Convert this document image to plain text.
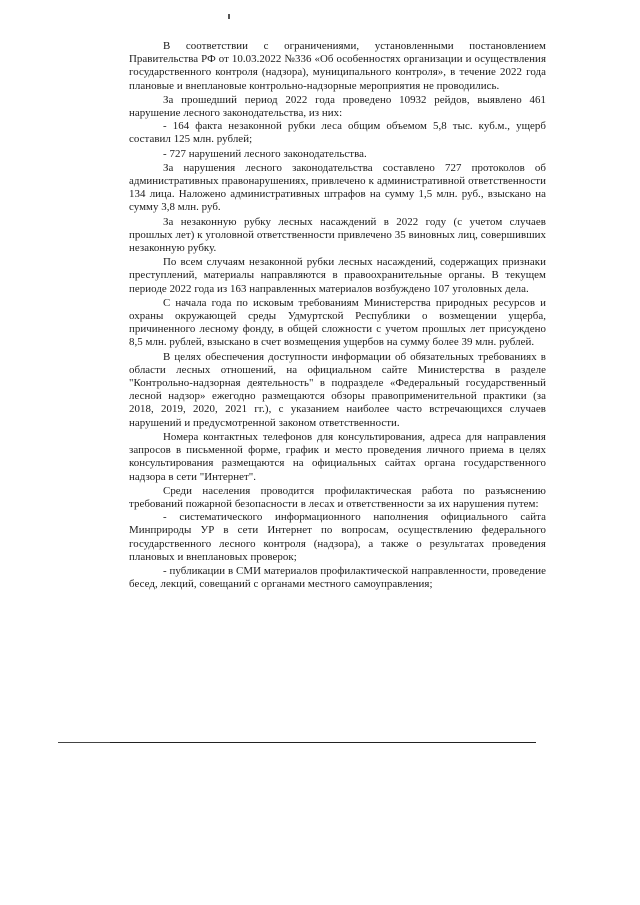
В соответствии с ограничениями, установленными постановлением Правительства РФ от 10.03.2022 №336 «Об особенностях организации и осуществления государственного контроля (надзора), муниципального контроля», в течение 2022 года плановые и внеплановые контрольно-надзорные мероприятия не проводились.

За прошедший период 2022 года проведено 10932 рейдов, выявлено 461 нарушение лесного законодательства, из них:

- 164 факта незаконной рубки леса общим объемом 5,8 тыс. куб.м., ущерб составил 125 млн. рублей;

- 727 нарушений лесного законодательства.

За нарушения лесного законодательства составлено 727 протоколов об административных правонарушениях, привлечено к административной ответственности 134 лица. Наложено административных штрафов на сумму 1,5 млн. руб., взыскано на сумму 3,8 млн. руб.

За незаконную рубку лесных насаждений в 2022 году (с учетом случаев прошлых лет) к уголовной ответственности привлечено 35 виновных лиц, совершивших незаконную рубку.

По всем случаям незаконной рубки лесных насаждений, содержащих признаки преступлений, материалы направляются в правоохранительные органы. В текущем периоде 2022 года из 163 направленных материалов возбуждено 107 уголовных дела.

С начала года по исковым требованиям Министерства природных ресурсов и охраны окружающей среды Удмуртской Республики о возмещении ущерба, причиненного лесному фонду, в общей сложности с учетом прошлых лет присуждено 8,5 млн. рублей, взыскано в счет возмещения ущербов на сумму более 39 млн. рублей.

В целях обеспечения доступности информации об обязательных требованиях в области лесных отношений, на официальном сайте Министерства в разделе "Контрольно-надзорная деятельность" в подразделе «Федеральный государственный лесной надзор» ежегодно размещаются обзоры правоприменительной практики (за 2018, 2019, 2020, 2021 гг.), с указанием наиболее часто встречающихся случаев нарушений и предусмотренной законом ответственности.

Номера контактных телефонов для консультирования, адреса для направления запросов в письменной форме, график и место проведения личного приема в целях консультирования размещаются на официальных сайтах органа государственного надзора в сети "Интернет".

Среди населения проводится профилактическая работа по разъяснению требований пожарной безопасности в лесах и ответственности за их нарушения путем:

- систематического информационного наполнения официального сайта Минприроды УР в сети Интернет по вопросам, осуществлению федерального государственного лесного контроля (надзора), а также о результатах проведения плановых и внеплановых проверок;

- публикации в СМИ материалов профилактической направленности, проведение бесед, лекций, совещаний с органами местного самоуправления;
